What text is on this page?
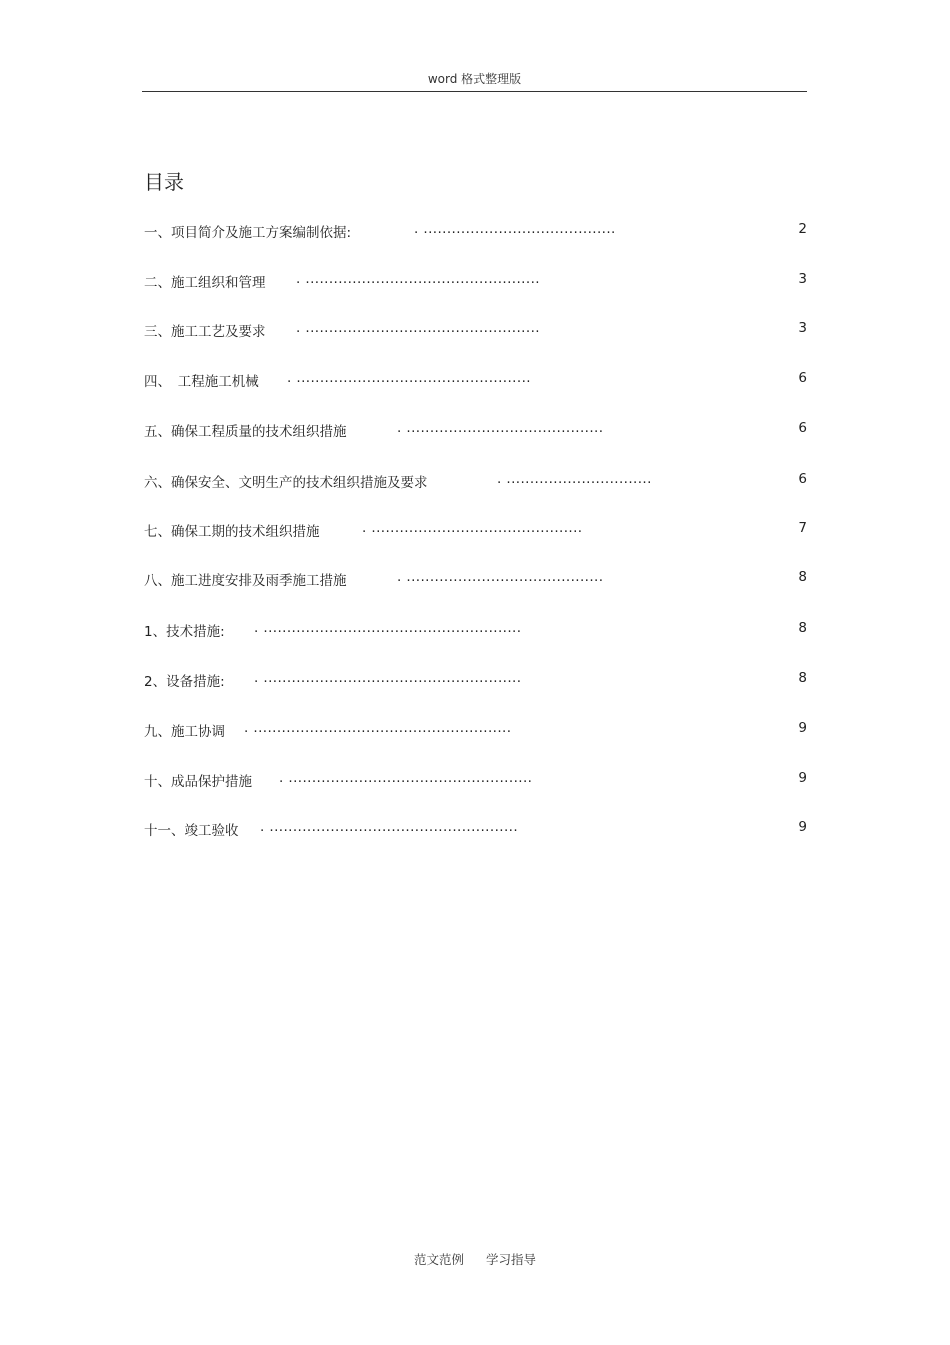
word 格式整理版
目录
一、项目简介及施工方案编制依据:	. .........................................	2
二、施工组织和管理 . ..................................................	3
三、施工工艺及要求 . ..................................................	3
四、　工程施工机械 . ..................................................	6
五、确保工程质量的技术组织措施	. ..........................................	6
六、确保安全、文明生产的技术组织措施及要求	. ...............................	6
七、确保工期的技术组织措施	. .............................................	7
八、施工进度安排及雨季施工措施	. ..........................................	8
1、技术措施: . .......................................................	8
2、设备措施: . .......................................................	8
九、施工协调 . .......................................................	9
十、成品保护措施 . ....................................................	9
十一、竣工验收 . .....................................................	9
范文范例 学习指导
